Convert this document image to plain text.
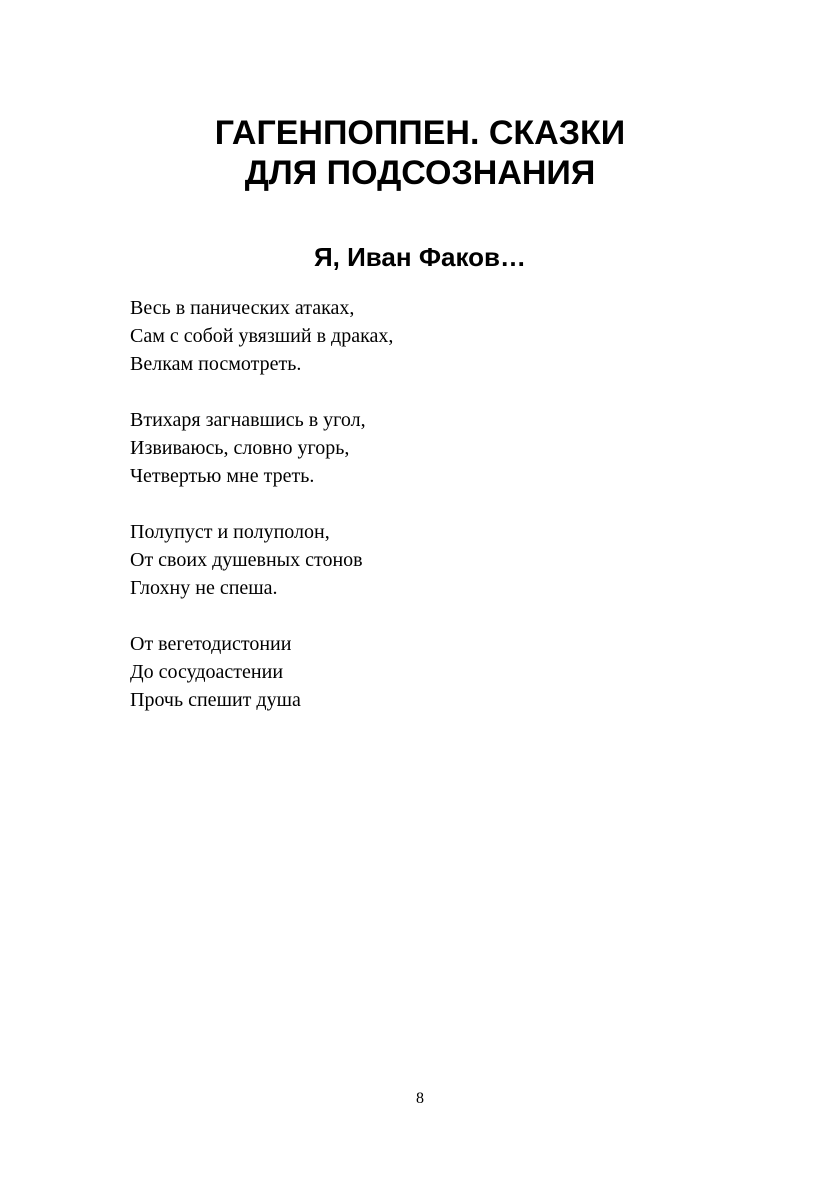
ГАГЕНПОППЕН. СКАЗКИ
ДЛЯ ПОДСОЗНАНИЯ
Я, Иван Факов…
Весь в панических атаках,
Сам с собой увязший в драках,
Велкам посмотреть.
Втихаря загнавшись в угол,
Извиваюсь, словно угорь,
Четвертью мне треть.
Полупуст и полуполон,
От своих душевных стонов
Глохну не спеша.
От вегетодистонии
До сосудоастении
Прочь спешит душа
8
